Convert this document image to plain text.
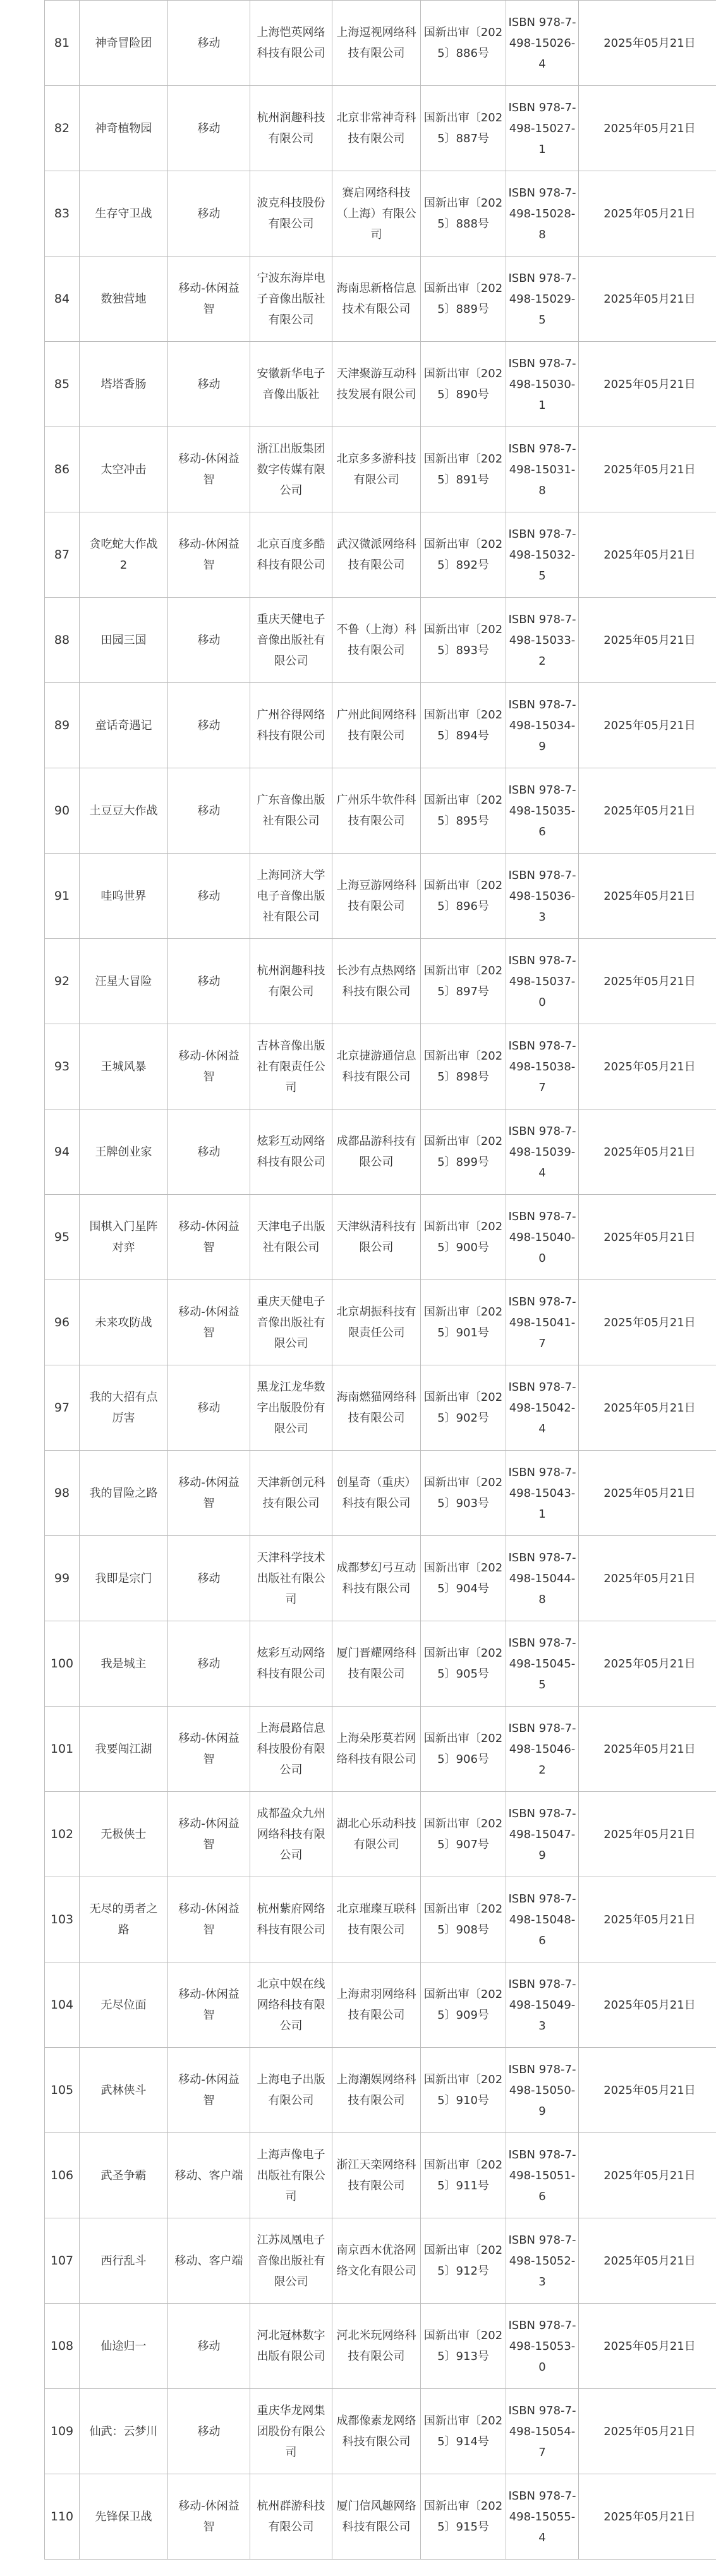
81	神奇冒险团	移动	上海恺英网络科技有限公司	上海逗视网络科技有限公司	国新出审〔2025〕886号	ISBN 978-7-498-15026-4	2025年05月21日
82	神奇植物园	移动	杭州润趣科技有限公司	北京非常神奇科技有限公司	国新出审〔2025〕887号	ISBN 978-7-498-15027-1	2025年05月21日
83	生存守卫战	移动	波克科技股份有限公司	赛启网络科技（上海）有限公司	国新出审〔2025〕888号	ISBN 978-7-498-15028-8	2025年05月21日
84	数独营地	移动-休闲益智	宁波东海岸电子音像出版社有限公司	海南思新格信息技术有限公司	国新出审〔2025〕889号	ISBN 978-7-498-15029-5	2025年05月21日
85	塔塔香肠	移动	安徽新华电子音像出版社	天津聚游互动科技发展有限公司	国新出审〔2025〕890号	ISBN 978-7-498-15030-1	2025年05月21日
86	太空冲击	移动-休闲益智	浙江出版集团数字传媒有限公司	北京多多游科技有限公司	国新出审〔2025〕891号	ISBN 978-7-498-15031-8	2025年05月21日
87	贪吃蛇大作战2	移动-休闲益智	北京百度多酷科技有限公司	武汉微派网络科技有限公司	国新出审〔2025〕892号	ISBN 978-7-498-15032-5	2025年05月21日
88	田园三国	移动	重庆天健电子音像出版社有限公司	不鲁（上海）科技有限公司	国新出审〔2025〕893号	ISBN 978-7-498-15033-2	2025年05月21日
89	童话奇遇记	移动	广州谷得网络科技有限公司	广州此间网络科技有限公司	国新出审〔2025〕894号	ISBN 978-7-498-15034-9	2025年05月21日
90	土豆豆大作战	移动	广东音像出版社有限公司	广州乐牛软件科技有限公司	国新出审〔2025〕895号	ISBN 978-7-498-15035-6	2025年05月21日
91	哇呜世界	移动	上海同济大学电子音像出版社有限公司	上海豆游网络科技有限公司	国新出审〔2025〕896号	ISBN 978-7-498-15036-3	2025年05月21日
92	汪星大冒险	移动	杭州润趣科技有限公司	长沙有点热网络科技有限公司	国新出审〔2025〕897号	ISBN 978-7-498-15037-0	2025年05月21日
93	王城风暴	移动-休闲益智	吉林音像出版社有限责任公司	北京捷游通信息科技有限公司	国新出审〔2025〕898号	ISBN 978-7-498-15038-7	2025年05月21日
94	王牌创业家	移动	炫彩互动网络科技有限公司	成都品游科技有限公司	国新出审〔2025〕899号	ISBN 978-7-498-15039-4	2025年05月21日
95	围棋入门星阵对弈	移动-休闲益智	天津电子出版社有限公司	天津纵清科技有限公司	国新出审〔2025〕900号	ISBN 978-7-498-15040-0	2025年05月21日
96	未来攻防战	移动-休闲益智	重庆天健电子音像出版社有限公司	北京胡振科技有限责任公司	国新出审〔2025〕901号	ISBN 978-7-498-15041-7	2025年05月21日
97	我的大招有点厉害	移动	黑龙江龙华数字出版股份有限公司	海南燃猫网络科技有限公司	国新出审〔2025〕902号	ISBN 978-7-498-15042-4	2025年05月21日
98	我的冒险之路	移动-休闲益智	天津新创元科技有限公司	创星奇（重庆）科技有限公司	国新出审〔2025〕903号	ISBN 978-7-498-15043-1	2025年05月21日
99	我即是宗门	移动	天津科学技术出版社有限公司	成都梦幻弓互动科技有限公司	国新出审〔2025〕904号	ISBN 978-7-498-15044-8	2025年05月21日
100	我是城主	移动	炫彩互动网络科技有限公司	厦门晋耀网络科技有限公司	国新出审〔2025〕905号	ISBN 978-7-498-15045-5	2025年05月21日
101	我要闯江湖	移动-休闲益智	上海晨路信息科技股份有限公司	上海朵彤莫若网络科技有限公司	国新出审〔2025〕906号	ISBN 978-7-498-15046-2	2025年05月21日
102	无极侠士	移动-休闲益智	成都盈众九州网络科技有限公司	湖北心乐动科技有限公司	国新出审〔2025〕907号	ISBN 978-7-498-15047-9	2025年05月21日
103	无尽的勇者之路	移动-休闲益智	杭州紫府网络科技有限公司	北京璀璨互联科技有限公司	国新出审〔2025〕908号	ISBN 978-7-498-15048-6	2025年05月21日
104	无尽位面	移动-休闲益智	北京中娱在线网络科技有限公司	上海肃羽网络科技有限公司	国新出审〔2025〕909号	ISBN 978-7-498-15049-3	2025年05月21日
105	武林侠斗	移动-休闲益智	上海电子出版有限公司	上海潮娱网络科技有限公司	国新出审〔2025〕910号	ISBN 978-7-498-15050-9	2025年05月21日
106	武圣争霸	移动、客户端	上海声像电子出版社有限公司	浙江天栾网络科技有限公司	国新出审〔2025〕911号	ISBN 978-7-498-15051-6	2025年05月21日
107	西行乱斗	移动、客户端	江苏凤凰电子音像出版社有限公司	南京西木优洛网络文化有限公司	国新出审〔2025〕912号	ISBN 978-7-498-15052-3	2025年05月21日
108	仙途归一	移动	河北冠林数字出版有限公司	河北米玩网络科技有限公司	国新出审〔2025〕913号	ISBN 978-7-498-15053-0	2025年05月21日
109	仙武：云梦川	移动	重庆华龙网集团股份有限公司	成都像素龙网络科技有限公司	国新出审〔2025〕914号	ISBN 978-7-498-15054-7	2025年05月21日
110	先锋保卫战	移动-休闲益智	杭州群游科技有限公司	厦门信风趣网络科技有限公司	国新出审〔2025〕915号	ISBN 978-7-498-15055-4	2025年05月21日
